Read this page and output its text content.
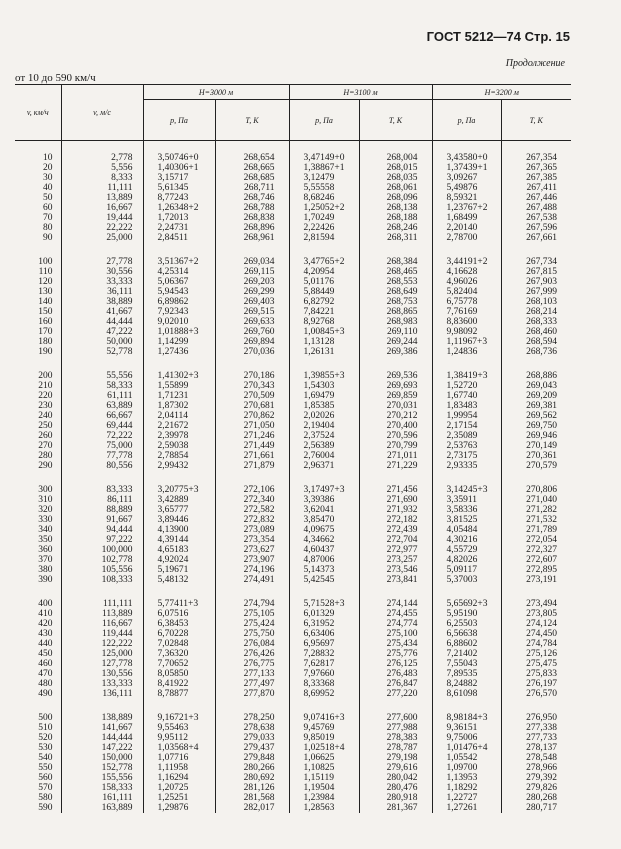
ГОСТ 5212—74 Стр. 15
Продолжение
от 10 до 590 км/ч
v, км/ч	v, м/с	H=3000 м		H=3100 м		H=3200 м	
		p, Па	T, К	p, Па	T, К	p, Па	T, К
10	2,778	3,50746+0	268,654	3,47149+0	268,004	3,43580+0	267,354
20	5,556	1,40306+1	268,665	1,38867+1	268,015	1,37439+1	267,365
30	8,333	3,15717	268,685	3,12479	268,035	3,09267	267,385
40	11,111	5,61345	268,711	5,55558	268,061	5,49876	267,411
50	13,889	8,77243	268,746	8,68246	268,096	8,59321	267,446
60	16,667	1,26348+2	268,788	1,25052+2	268,138	1,23767+2	267,488
70	19,444	1,72013	268,838	1,70249	268,188	1,68499	267,538
80	22,222	2,24731	268,896	2,22426	268,246	2,20140	267,596
90	25,000	2,84511	268,961	2,81594	268,311	2,78700	267,661

100	27,778	3,51367+2	269,034	3,47765+2	268,384	3,44191+2	267,734
110	30,556	4,25314	269,115	4,20954	268,465	4,16628	267,815
120	33,333	5,06367	269,203	5,01176	268,553	4,96026	267,903
130	36,111	5,94543	269,299	5,88449	268,649	5,82404	267,999
140	38,889	6,89862	269,403	6,82792	268,753	6,75778	268,103
150	41,667	7,92343	269,515	7,84221	268,865	7,76169	268,214
160	44,444	9,02010	269,633	8,92768	268,983	8,83600	268,333
170	47,222	1,01888+3	269,760	1,00845+3	269,110	9,98092	268,460
180	50,000	1,14299	269,894	1,13128	269,244	1,11967+3	268,594
190	52,778	1,27436	270,036	1,26131	269,386	1,24836	268,736

200	55,556	1,41302+3	270,186	1,39855+3	269,536	1,38419+3	268,886
210	58,333	1,55899	270,343	1,54303	269,693	1,52720	269,043
220	61,111	1,71231	270,509	1,69479	269,859	1,67740	269,209
230	63,889	1,87302	270,681	1,85385	270,031	1,83483	269,381
240	66,667	2,04114	270,862	2,02026	270,212	1,99954	269,562
250	69,444	2,21672	271,050	2,19404	270,400	2,17154	269,750
260	72,222	2,39978	271,246	2,37524	270,596	2,35089	269,946
270	75,000	2,59038	271,449	2,56389	270,799	2,53763	270,149
280	77,778	2,78854	271,661	2,76004	271,011	2,73175	270,361
290	80,556	2,99432	271,879	2,96371	271,229	2,93335	270,579

300	83,333	3,20775+3	272,106	3,17497+3	271,456	3,14245+3	270,806
310	86,111	3,42889	272,340	3,39386	271,690	3,35911	271,040
320	88,889	3,65777	272,582	3,62041	271,932	3,58336	271,282
330	91,667	3,89446	272,832	3,85470	272,182	3,81525	271,532
340	94,444	4,13900	273,089	4,09675	272,439	4,05484	271,789
350	97,222	4,39144	273,354	4,34662	272,704	4,30216	272,054
360	100,000	4,65183	273,627	4,60437	272,977	4,55729	272,327
370	102,778	4,92024	273,907	4,87006	273,257	4,82026	272,607
380	105,556	5,19671	274,196	5,14373	273,546	5,09117	272,895
390	108,333	5,48132	274,491	5,42545	273,841	5,37003	273,191

400	111,111	5,77411+3	274,794	5,71528+3	274,144	5,65692+3	273,494
410	113,889	6,07516	275,105	6,01329	274,455	5,95190	273,805
420	116,667	6,38453	275,424	6,31952	274,774	6,25503	274,124
430	119,444	6,70228	275,750	6,63406	275,100	6,56638	274,450
440	122,222	7,02848	276,084	6,95697	275,434	6,88602	274,784
450	125,000	7,36320	276,426	7,28832	275,776	7,21402	275,126
460	127,778	7,70652	276,775	7,62817	276,125	7,55043	275,475
470	130,556	8,05850	277,133	7,97660	276,483	7,89535	275,833
480	133,333	8,41922	277,497	8,33368	276,847	8,24882	276,197
490	136,111	8,78877	277,870	8,69952	277,220	8,61098	276,570

500	138,889	9,16721+3	278,250	9,07416+3	277,600	8,98184+3	276,950
510	141,667	9,55463	278,638	9,45769	277,988	9,36151	277,338
520	144,444	9,95112	279,033	9,85019	278,383	9,75006	277,733
530	147,222	1,03568+4	279,437	1,02518+4	278,787	1,01476+4	278,137
540	150,000	1,07716	279,848	1,06625	279,198	1,05542	278,548
550	152,778	1,11958	280,266	1,10825	279,616	1,09700	278,966
560	155,556	1,16294	280,692	1,15119	280,042	1,13953	279,392
570	158,333	1,20725	281,126	1,19504	280,476	1,18292	279,826
580	161,111	1,25251	281,568	1,23984	280,918	1,22727	280,268
590	163,889	1,29876	282,017	1,28563	281,367	1,27261	280,717
